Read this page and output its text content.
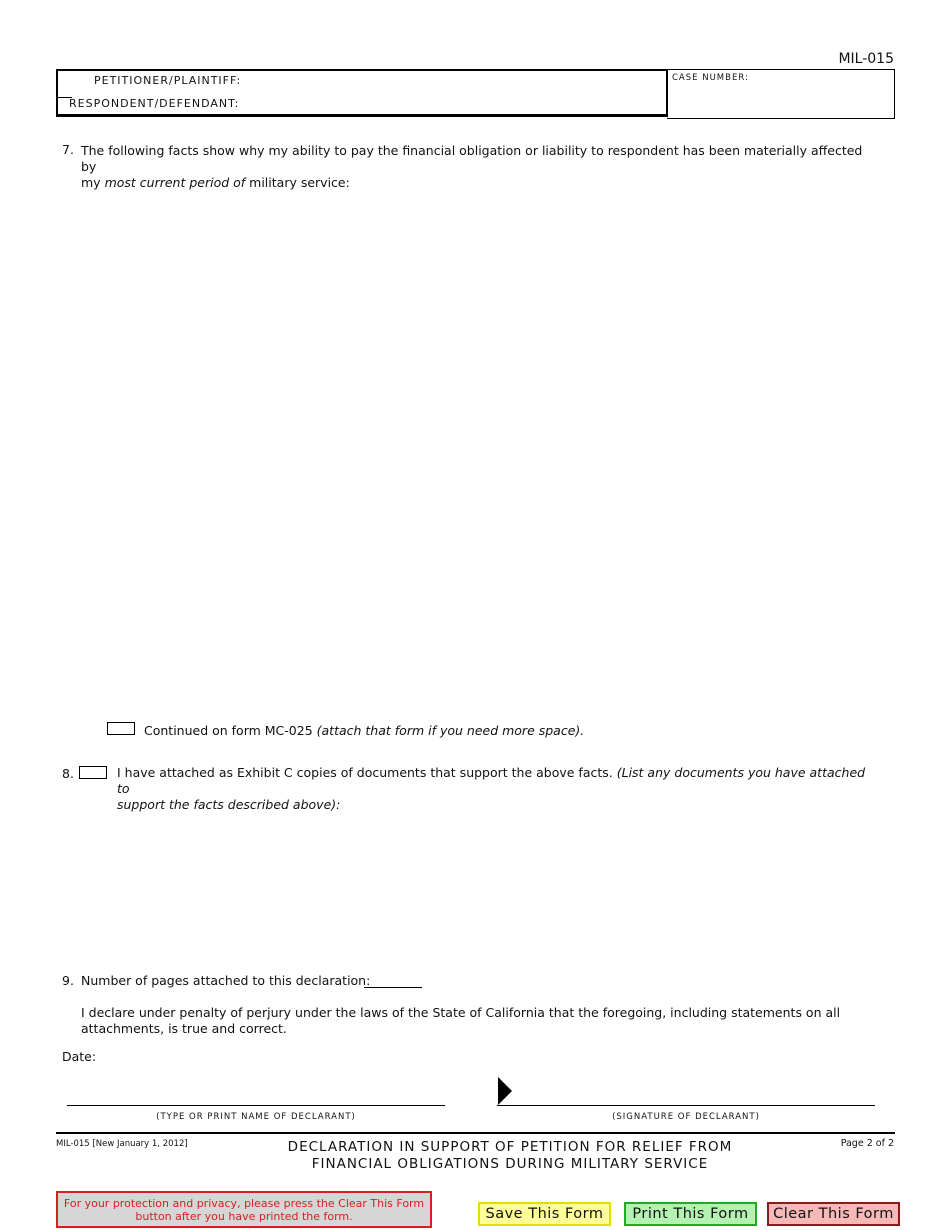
MIL-015
PETITIONER/PLAINTIFF:
RESPONDENT/DEFENDANT:
CASE NUMBER:
7. The following facts show why my ability to pay the financial obligation or liability to respondent has been materially affected by
my most current period of military service:
Continued on form MC-025 (attach that form if you need more space).
8.	I have attached as Exhibit C copies of documents that support the above facts. (List any documents you have attached to
support the facts described above):
9. Number of pages attached to this declaration:
I declare under penalty of perjury under the laws of the State of California that the foregoing, including statements on all
attachments, is true and correct.
Date:
(TYPE OR PRINT NAME OF DECLARANT)	(SIGNATURE OF DECLARANT)
MIL-015 [New January 1, 2012]	DECLARATION IN SUPPORT OF PETITION FOR RELIEF FROM
FINANCIAL OBLIGATIONS DURING MILITARY SERVICE
Page 2 of 2
For your protection and privacy, please press the Clear This Form
button after you have printed the form.	Save This Form	Print This Form	Clear This Form
